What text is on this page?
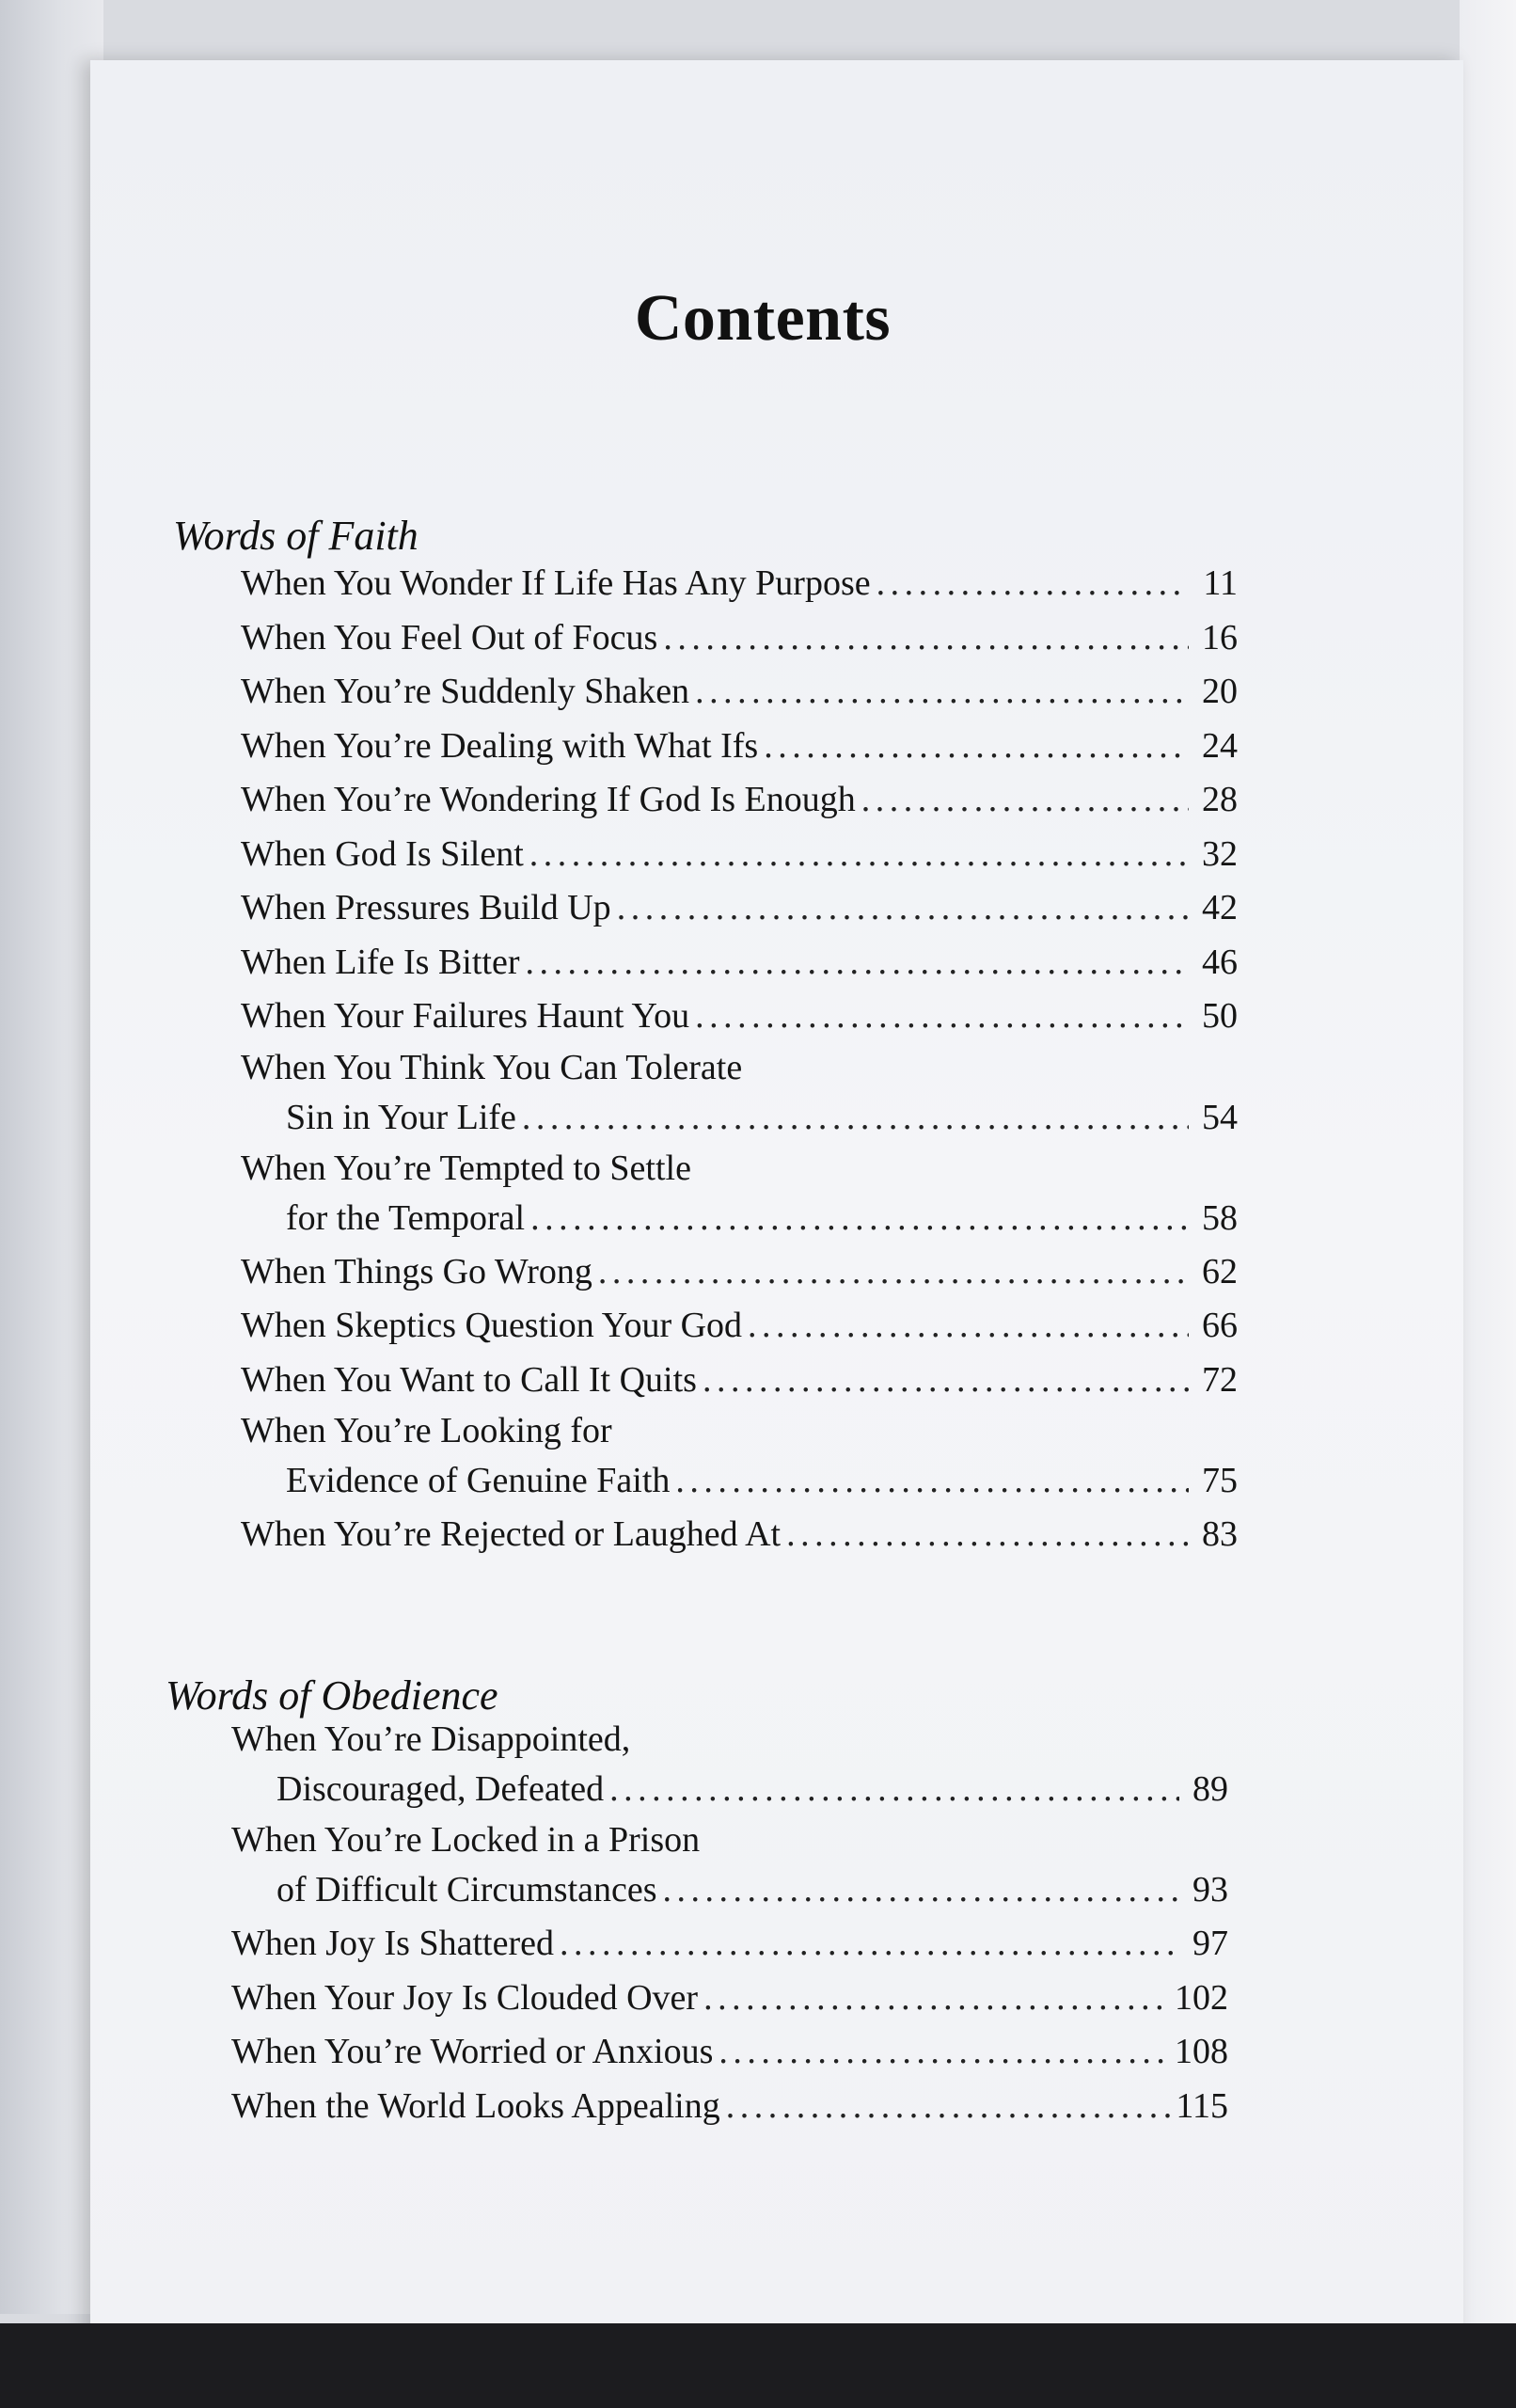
Contents
Words of Faith
When You Wonder If Life Has Any Purpose . . .	11
When You Feel Out of Focus . . .	16
When You’re Suddenly Shaken . . .	20
When You’re Dealing with What Ifs . . .	24
When You’re Wondering If God Is Enough . . .	28
When God Is Silent . . .	32
When Pressures Build Up . . .	42
When Life Is Bitter . . .	46
When Your Failures Haunt You . . .	50
When You Think You Can Tolerate
Sin in Your Life . . .	54
When You’re Tempted to Settle
for the Temporal . . .	58
When Things Go Wrong . . .	62
When Skeptics Question Your God . . .	66
When You Want to Call It Quits . . .	72
When You’re Looking for
Evidence of Genuine Faith . . .	75
When You’re Rejected or Laughed At . . .	83
Words of Obedience
When You’re Disappointed,
Discouraged, Defeated . . .	89
When You’re Locked in a Prison
of Difficult Circumstances . . .	93
When Joy Is Shattered . . .	97
When Your Joy Is Clouded Over . . .	102
When You’re Worried or Anxious . . .	108
When the World Looks Appealing . . .	115
